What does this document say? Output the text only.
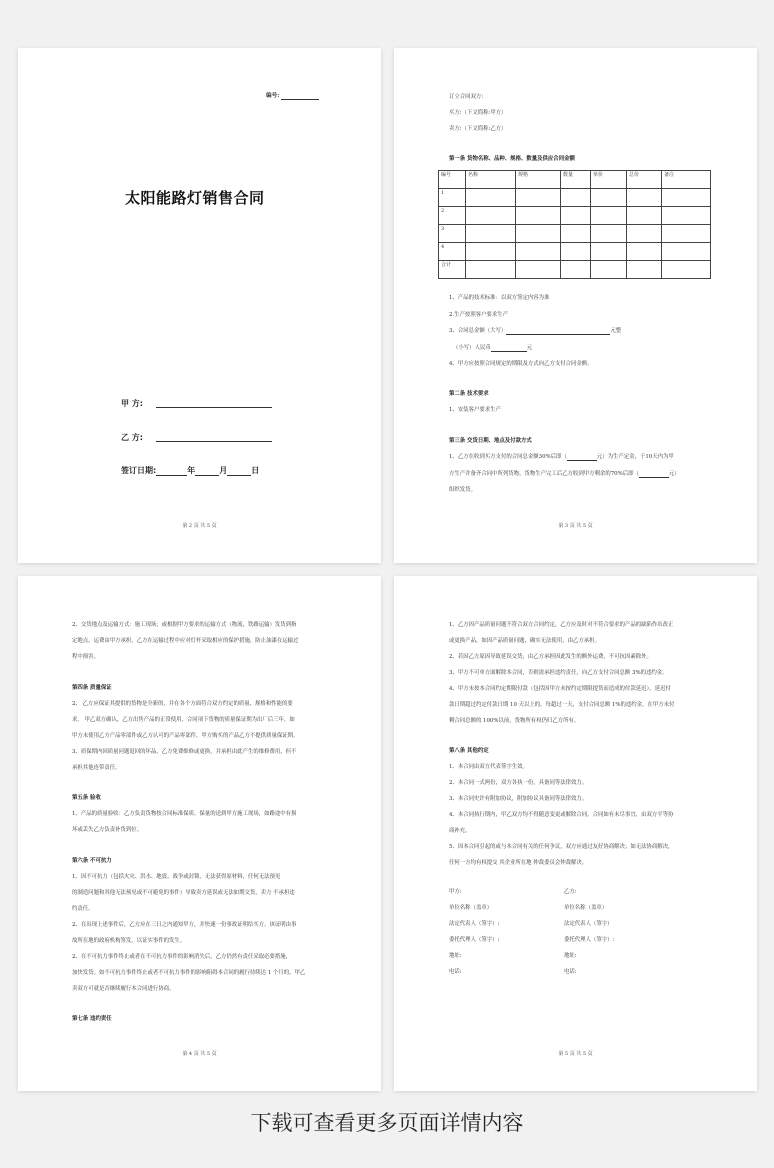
编号:
太阳能路灯销售合同
甲 方:
乙 方:
签订日期:	年	月	日
第 2 页 共 5 页
订立合同双方:
买方:（下文简称:甲方）
卖方:（下文简称:乙方）
第一条 货物名称、品种、规格、数量及供应合同金额
编号	名称	规格	数量	单价	总价	备注
1						
2						
3						
4						
合计						
1、产品的技术标准：以双方签定内容为准
2.生产按照客户要求生产
3、合同总金额（大写）	元整
（小写）人民币	元
4、甲方应按照合同规定的期限及方式向乙方支付合同金额。
第二条 技术要求
1、安装客户要求生产
第三条 交货日期、地点及付款方式
1、乙方在收到买方支付的合同总金额30%后即（	元）为生产定金，于10天内为甲
方生产并备齐合同中所列货物，货物生产完工后乙方收到甲方剩余的70%后即（	元）
组织发货。
第 3 页 共 5 页
2、交货地点及运输方式：施工现场；或根据甲方要求的运输方式（物流，铁路运输）发货到指
定地点，运费由甲方承担，乙方在运输过程中应对灯杆采取相应的保护措施，防止油漆在运输过
程中损害。
第四条 质量保证
2、 乙方应保证其提供的货物是全新的，并在各个方面符合双方约定的质量、规格和性能的要
求。 甲乙双方确认，乙方出售产品的正常使用，合同项下货物的质量保证期为出厂后三年，如
甲方未使用乙方产品零部件或乙方认可的产品零部件，甲方购买的产品乙方不提供质量保证期。
3、质保期内因质量问题退回的坏品，乙方免费维修或更换，并承担由此产生的维修费用，但不
承担其他连带责任。
第五条 验收
1、产品的质量验收：乙方负责货物按合同标准保质、保量的送到甲方施工现场，如路途中有损
坏或丢失乙方负责补货到位。
第六条 不可抗力
1、因不可抗力（包括火灾、洪水、地震、战争或封锁，无法获得原材料，任何无法预见
的制造问题和其他无法预见或不可避免的事件）导致卖方延误或无法如期交货，卖方 不承担违
约责任。
2、在出现上述事件后，乙方应在三日之内通知甲方，并快速一份事故证明给买方。该证明由事
故所在地的政府机构签发，以证实事件的发生。
2、在不可抗力事件终止或者在不可抗力事件的影响消失后，乙方仍然有责任采取必要措施，
加快发货。如不可抗力事件终止或者不可抗力事件的影响阻碍本合同的履行持续达 1 个月的，甲乙
卖双方可就是否继续履行本合同进行协商。
第七条 违约责任
第 4 页 共 5 页
1、乙方因产品质量问题不符合双方合同约定，乙方应及时对不符合要求的产品的缺陷作出改正
或更换产品，如因产品质量问题，确实无法使用，由乙方承担。
2、若因乙方原因导致延误交货，由乙方承担因此发生的额外运费，不可抗因素除外。
3、甲方不可单方面解除本合同，否则需承担违约责任，向乙方支付合同总额 3%的违约金。
4、甲方未按本合同约定期限付款（包括因甲方未按约定期限提货而造成的付款延迟），延迟付
款日期超过约定付款日期 10 天以上的，每超过一天，支付合同总额 1%的违约金，在甲方未付
剩合同总额的 100%以前，货物所有权仍归乙方所有。
第八条 其他约定
1、本合同由双方代表签字生效。
2、本合同一式两份，双方各执一份，具备同等法律效力。
3、本合同史许有附加协议，附加协议具备同等法律效力。
4、本合同执行期内，甲乙双方均不得随意变更或解除合同。合同如有未尽事宜，由双方平等协
商补充。
5、因本合同引起的或与本合同有关的任何争议，双方应通过友好协商解决；如无法协商解决，
任何一方均有权提交 其企业所在地 仲裁委员会仲裁解决。
甲方:
单位名称（盖章）
法定代表人（签字）:
委托代理人（签字）:
地址:
电话:
乙方:
单位名称（盖章）
法定代表人（签字）
委托代理人（签字）:
地址:
电话:
第 5 页 共 5 页
下载可查看更多页面详情内容
